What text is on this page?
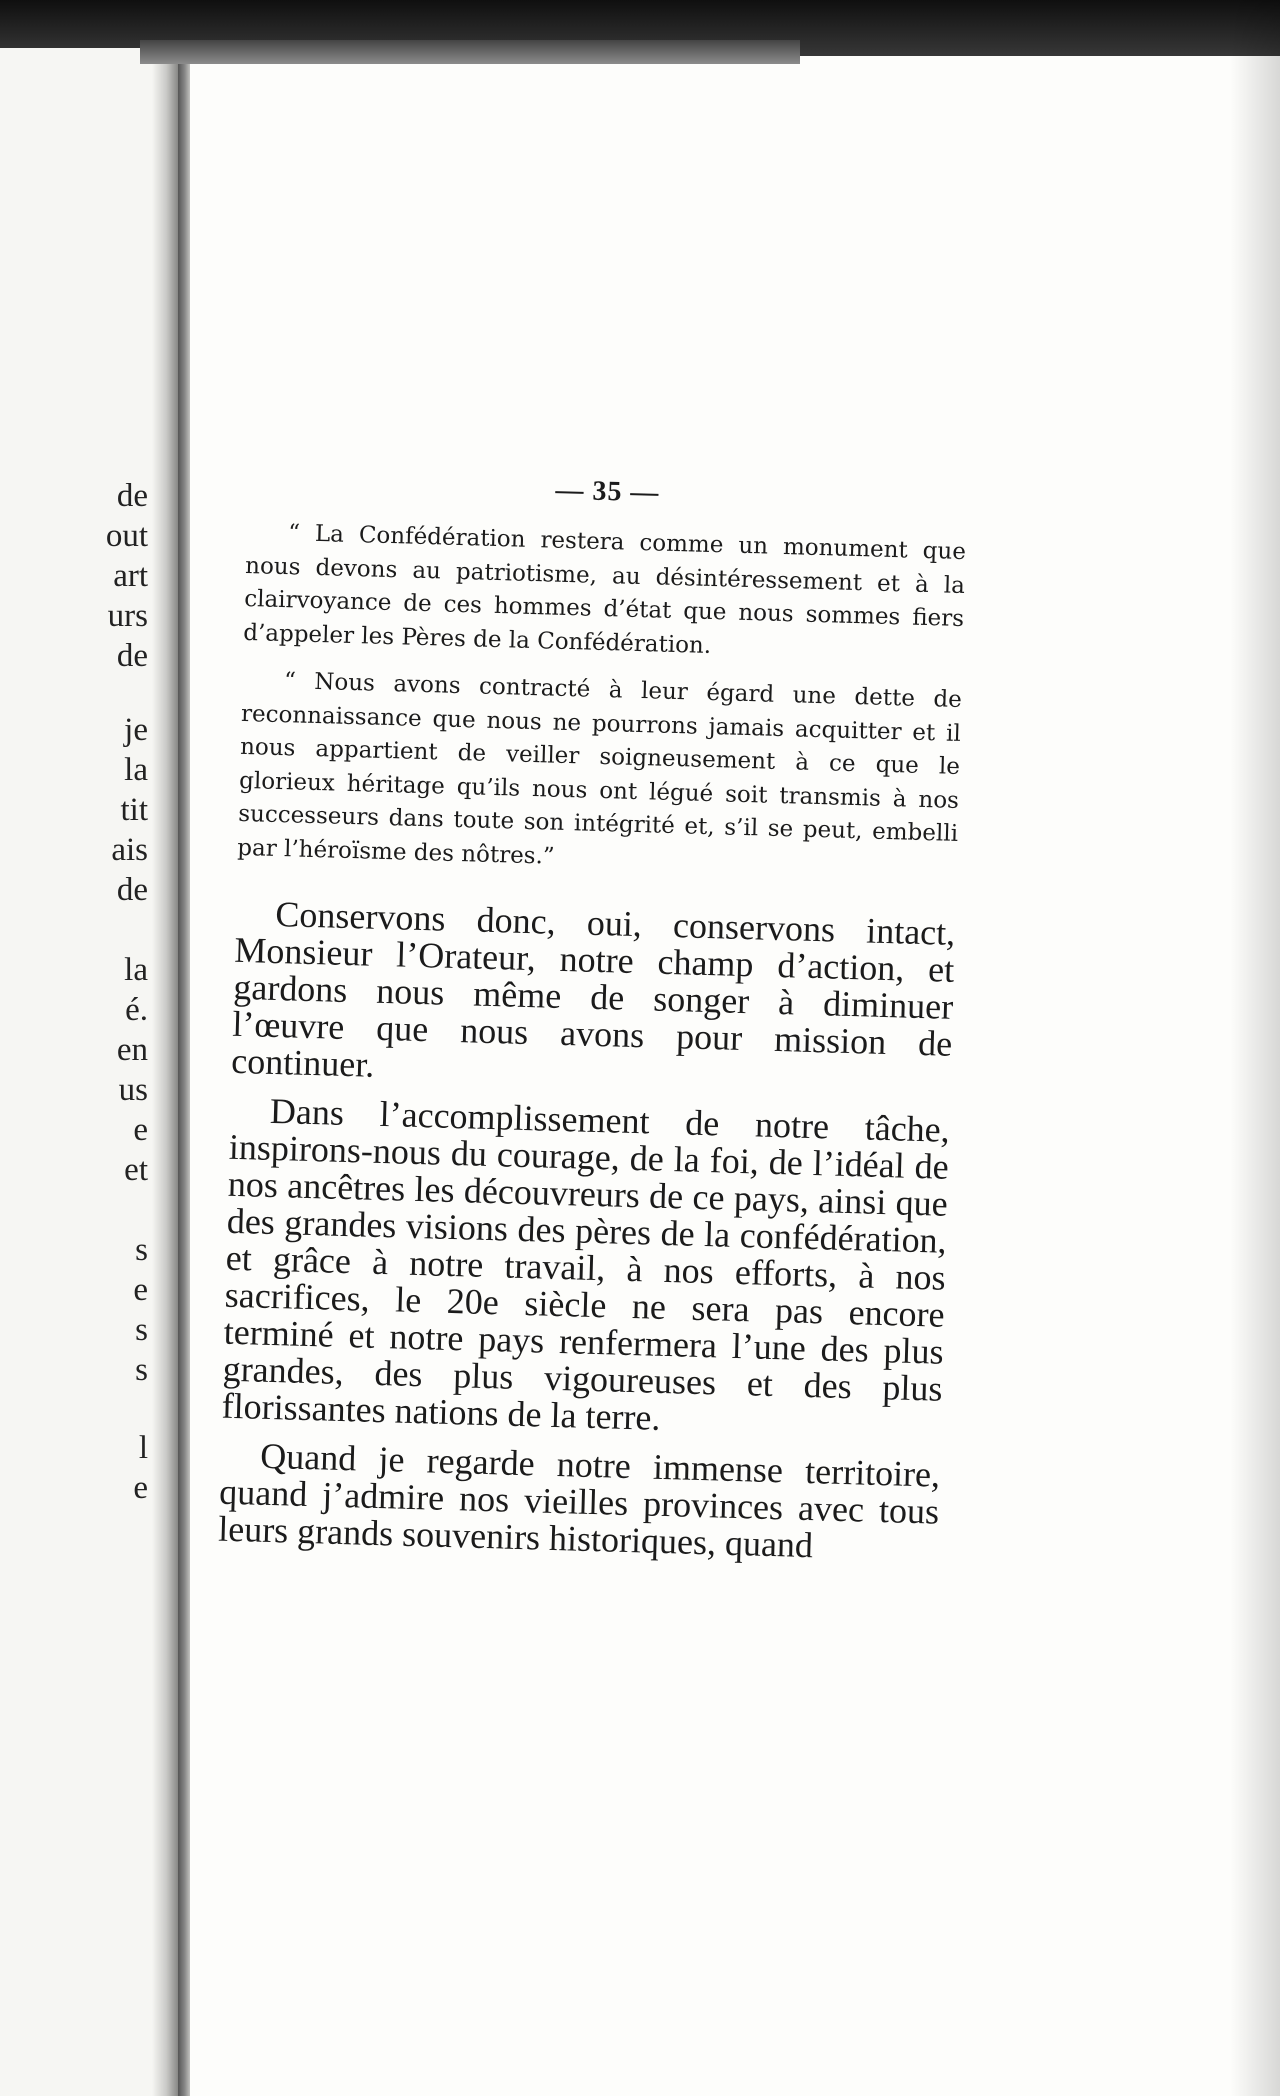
de
out
art
urs
de
je
la
tit
ais
de
la
é.
en
us
e
et
s
e
s
s
l
e
— 35 —

“ La Confédération restera comme un monument que nous devons au patriotisme, au désintéressement et à la clairvoyance de ces hommes d’état que nous sommes fiers d’appeler les Pères de la Confédération.

“ Nous avons contracté à leur égard une dette de reconnaissance que nous ne pourrons jamais acquitter et il nous appartient de veiller soigneusement à ce que le glorieux héritage qu’ils nous ont légué soit transmis à nos successeurs dans toute son intégrité et, s’il se peut, embelli par l’héroïsme des nôtres.”

Conservons donc, oui, conservons intact, Monsieur l’Orateur, notre champ d’action, et gardons nous même de songer à diminuer l’œuvre que nous avons pour mission de continuer.

Dans l’accomplissement de notre tâche, inspirons-nous du courage, de la foi, de l’idéal de nos ancêtres les découvreurs de ce pays, ainsi que des grandes visions des pères de la confédération, et grâce à notre travail, à nos efforts, à nos sacrifices, le 20e siècle ne sera pas encore terminé et notre pays renfermera l’une des plus grandes, des plus vigoureuses et des plus florissantes nations de la terre.

Quand je regarde notre immense territoire, quand j’admire nos vieilles provinces avec tous leurs grands souvenirs historiques, quand
